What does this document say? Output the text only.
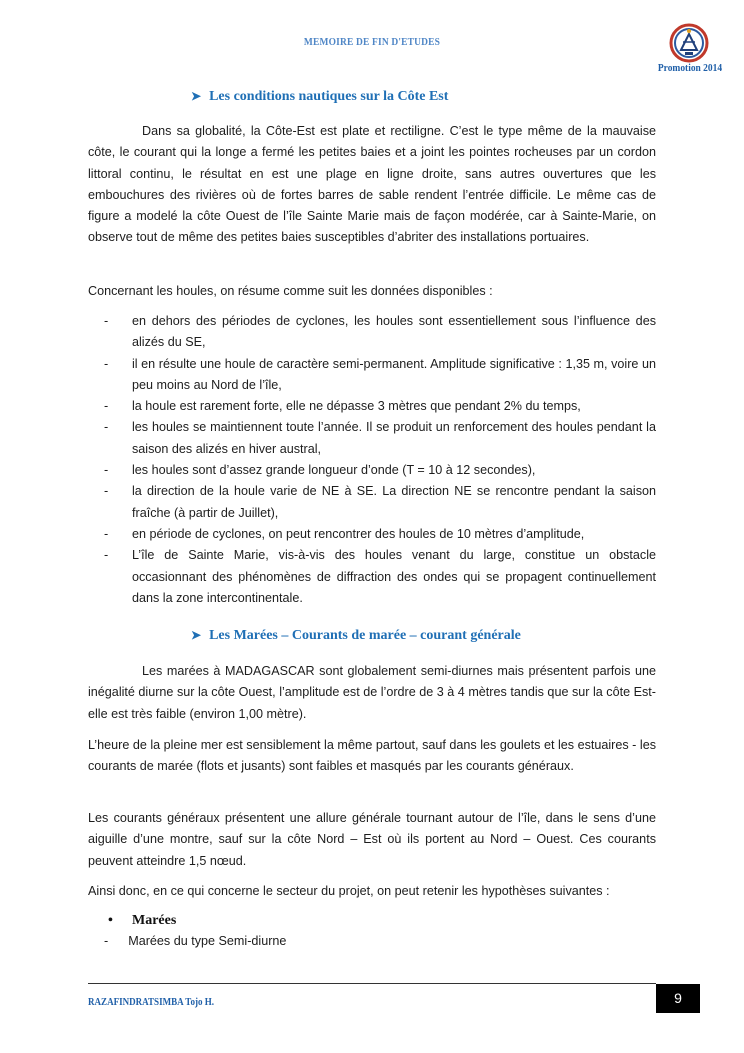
MEMOIRE DE FIN D'ETUDES
Promotion 2014
➤ Les conditions nautiques sur la Côte Est
Dans sa globalité, la Côte-Est est plate et rectiligne. C’est le type même de la mauvaise côte, le courant qui la longe a fermé les petites baies et a joint les pointes rocheuses par un cordon littoral continu, le résultat en est une plage en ligne droite, sans autres ouvertures que les embouchures des rivières où de fortes barres de sable rendent l’entrée difficile. Le même cas de figure a modelé la côte Ouest de l’île Sainte Marie mais de façon modérée, car à Sainte-Marie, on observe tout de même des petites baies susceptibles d’abriter des installations portuaires.
Concernant les houles, on résume comme suit les données disponibles :
- en dehors des périodes de cyclones, les houles sont essentiellement sous l’influence des alizés du SE,
- il en résulte une houle de caractère semi-permanent. Amplitude significative : 1,35 m, voire un peu moins au Nord de l’île,
- la houle est rarement forte, elle ne dépasse 3 mètres que pendant 2% du temps,
- les houles se maintiennent toute l’année. Il se produit un renforcement des houles pendant la saison des alizés en hiver austral,
- les houles sont d’assez grande longueur d’onde (T = 10 à 12 secondes),
- la direction de la houle varie de NE à SE. La direction NE se rencontre pendant la saison fraîche (à partir de Juillet),
- en période de cyclones, on peut rencontrer des houles de 10 mètres d’amplitude,
- L’île de Sainte Marie, vis-à-vis des houles venant du large, constitue un obstacle occasionnant des phénomènes de diffraction des ondes qui se propagent continuellement dans la zone intercontinentale.
➤ Les Marées – Courants de marée – courant générale
Les marées à MADAGASCAR sont globalement semi-diurnes mais présentent parfois une inégalité diurne sur la côte Ouest, l’amplitude est de l’ordre de 3 à 4 mètres tandis que sur la côte Est-elle est très faible (environ 1,00 mètre).
L’heure de la pleine mer est sensiblement la même partout, sauf dans les goulets et les estuaires - les courants de marée (flots et jusants) sont faibles et masqués par les courants généraux.
Les courants généraux présentent une allure générale tournant autour de l’île, dans le sens d’une aiguille d’une montre, sauf sur la côte Nord – Est où ils portent au Nord – Ouest. Ces courants peuvent atteindre 1,5 nœud.
Ainsi donc, en ce qui concerne le secteur du projet, on peut retenir les hypothèses suivantes :
• Marées
- Marées du type Semi-diurne
RAZAFINDRATSIMBA Tojo H.	9
